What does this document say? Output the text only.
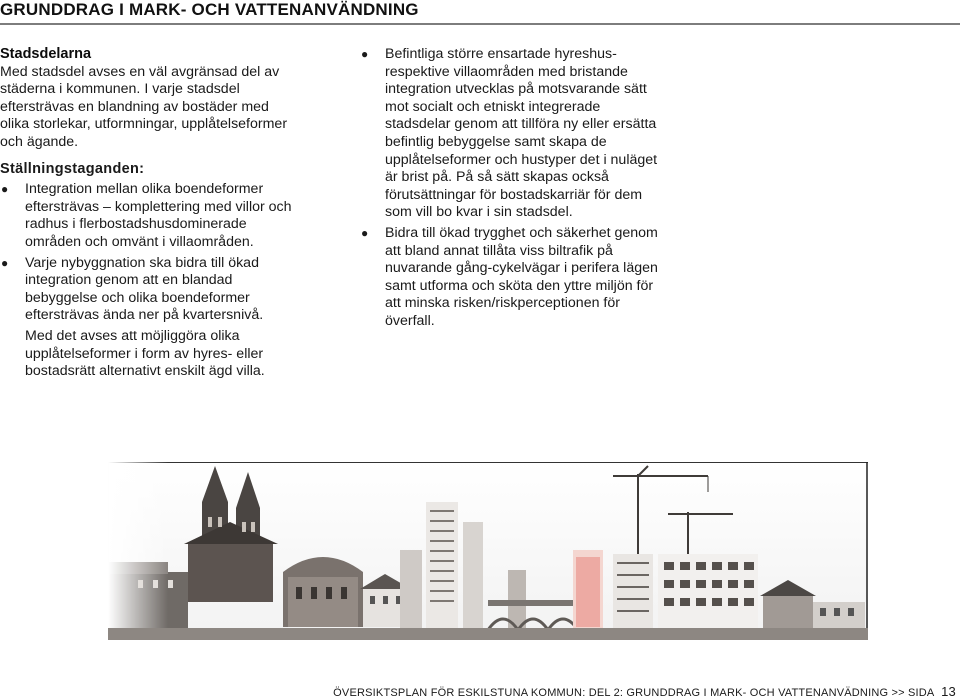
GRUNDDRAG I MARK- OCH VATTENANVÄNDNING

Stadsdelarna

Med stadsdel avses en väl avgränsad del av städerna i kommunen. I varje stadsdel eftersträvas en blandning av bostäder med olika storlekar, utformningar, upplåtelseformer och ägande.

Ställningstaganden:

● Integration mellan olika boendeformer eftersträvas – komplettering med villor och radhus i flerbostadshusdominerade områden och omvänt i villaområden.
● Varje nybyggnation ska bidra till ökad integration genom att en blandad bebyggelse och olika boendeformer eftersträvas ända ner på kvartersnivå.

Med det avses att möjliggöra olika upplåtelseformer i form av hyres- eller bostadsrätt alternativt enskilt ägd villa.

● Befintliga större ensartade hyreshus- respektive villaområden med bristande integration utvecklas på motsvarande sätt mot socialt och etniskt integrerade stadsdelar genom att tillföra ny eller ersätta befintlig bebyggelse samt skapa de upplåtelseformer och hustyper det i nuläget är brist på. På så sätt skapas också förutsättningar för bostadskarriär för dem som vill bo kvar i sin stadsdel.
● Bidra till ökad trygghet och säkerhet genom att bland annat tillåta viss biltrafik på nuvarande gång-cykelvägar i perifera lägen samt utforma och sköta den yttre miljön för att minska risken/riskperceptionen för överfall.
ÖVERSIKTSPLAN FÖR ESKILSTUNA KOMMUN: DEL 2: GRUNDDRAG I MARK- OCH VATTENANVÄDNING >> SIDA 13
